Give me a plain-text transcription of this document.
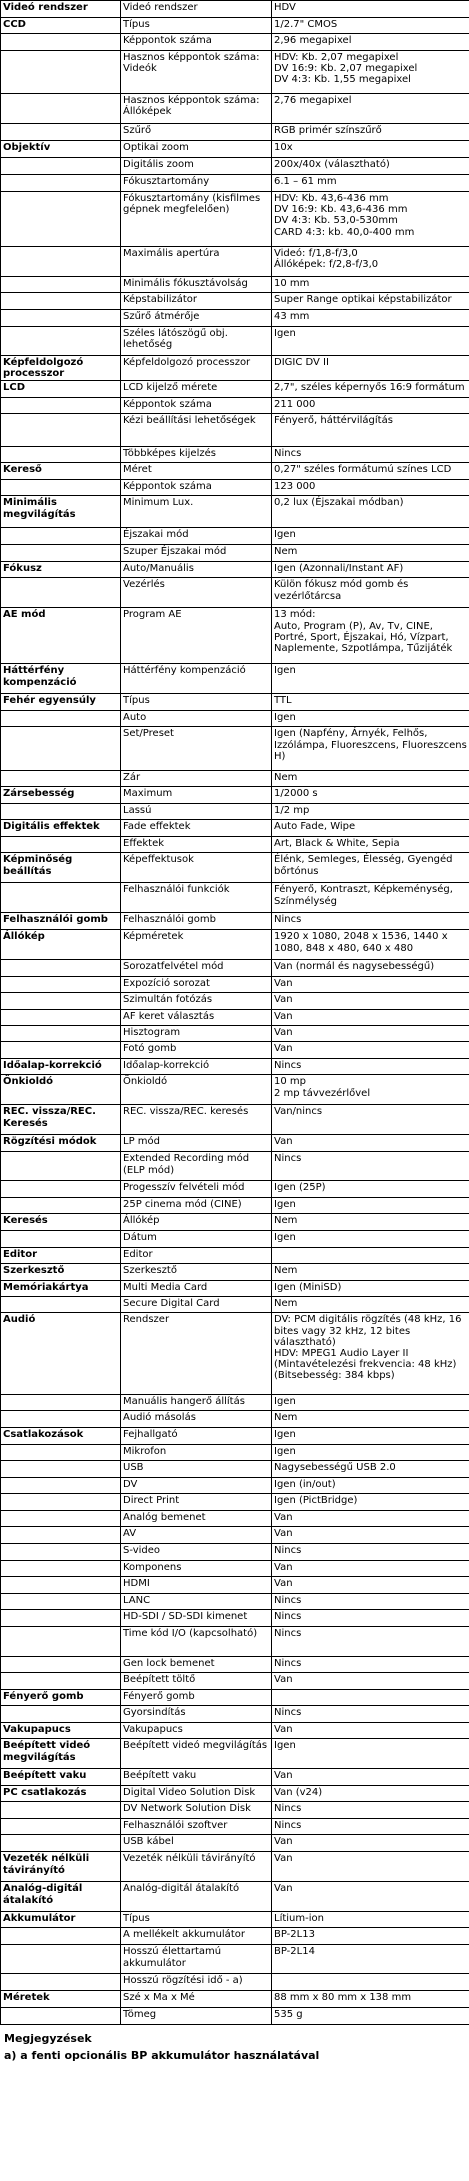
Videó rendszer	Videó rendszer	HDV
CCD	Típus	1/2.7" CMOS
	Képpontok száma	2,96 megapixel
	Hasznos képpontok száma: Videók	HDV: Kb. 2,07 megapixel
DV 16:9: Kb. 2,07 megapixel
DV 4:3: Kb. 1,55 megapixel
	Hasznos képpontok száma: Állóképek	2,76 megapixel
	Szűrő	RGB primér színszűrő
Objektív	Optikai zoom	10x
	Digitális zoom	200x/40x (választható)
	Fókusztartomány	6.1 – 61 mm
	Fókusztartomány (kisfilmes gépnek megfelelően)	HDV: Kb. 43,6-436 mm
DV 16:9: Kb. 43,6-436 mm
DV 4:3: Kb. 53,0-530mm
CARD 4:3: kb. 40,0-400 mm
	Maximális apertúra	Videó: f/1,8-f/3,0
Állóképek: f/2,8-f/3,0
	Minimális fókusztávolság	10 mm
	Képstabilizátor	Super Range optikai képstabilizátor
	Szűrő átmérője	43 mm
	Széles látószögű obj. lehetőség	Igen
Képfeldolgozó processzor	Képfeldolgozó processzor	DIGIC DV II
LCD	LCD kijelző mérete	2,7", széles képernyős 16:9 formátum
	Képpontok száma	211 000
	Kézi beállítási lehetőségek	Fényerő, háttérvilágítás
	Többképes kijelzés	Nincs
Kereső	Méret	0,27" széles formátumú színes LCD
	Képpontok száma	123 000
Minimális megvilágítás	Minimum Lux.	0,2 lux (Éjszakai módban)
	Éjszakai mód	Igen
	Szuper Éjszakai mód	Nem
Fókusz	Auto/Manuális	Igen (Azonnali/Instant AF)
	Vezérlés	Külön fókusz mód gomb és vezérlőtárcsa
AE mód	Program AE	13 mód:
Auto, Program (P), Av, Tv, CINE, Portré, Sport, Éjszakai, Hó, Vízpart, Naplemente, Szpotlámpa, Tűzijáték
Háttérfény kompenzáció	Háttérfény kompenzáció	Igen
Fehér egyensúly	Típus	TTL
	Auto	Igen
	Set/Preset	Igen (Napfény, Árnyék, Felhős, Izzólámpa, Fluoreszcens, Fluoreszcens H)
	Zár	Nem
Zársebesség	Maximum	1/2000 s
	Lassú	1/2 mp
Digitális effektek	Fade effektek	Auto Fade, Wipe
	Effektek	Art, Black & White, Sepia
Képminőség beállítás	Képeffektusok	Élénk, Semleges, Élesség, Gyengéd bőrtónus
	Felhasználói funkciók	Fényerő, Kontraszt, Képkeménység, Színmélység
Felhasználói gomb	Felhasználói gomb	Nincs
Állókép	Képméretek	1920 x 1080, 2048 x 1536, 1440 x 1080, 848 x 480, 640 x 480
	Sorozatfelvétel mód	Van (normál és nagysebességű)
	Expozíció sorozat	Van
	Szimultán fotózás	Van
	AF keret választás	Van
	Hisztogram	Van
	Fotó gomb	Van
Időalap-korrekció	Időalap-korrekció	Nincs
Önkioldó	Önkioldó	10 mp
2 mp távvezérlővel
REC. vissza/REC. Keresés	REC. vissza/REC. keresés	Van/nincs
Rögzítési módok	LP mód	Van
	Extended Recording mód (ELP mód)	Nincs
	Progesszív felvételi mód	Igen (25P)
	25P cinema mód (CINE)	Igen
Keresés	Állókép	Nem
	Dátum	Igen
Editor	Editor	
Szerkesztő	Szerkesztő	Nem
Memóriakártya	Multi Media Card	Igen (MiniSD)
	Secure Digital Card	Nem
Audió	Rendszer	DV: PCM digitális rögzítés (48 kHz, 16 bites vagy 32 kHz, 12 bites választható)
HDV: MPEG1 Audio Layer II (Mintavételezési frekvencia: 48 kHz)(Bitsebesség: 384 kbps)
	Manuális hangerő állítás	Igen
	Audió másolás	Nem
Csatlakozások	Fejhallgató	Igen
	Mikrofon	Igen
	USB	Nagysebességű USB 2.0
	DV	Igen (in/out)
	Direct Print	Igen (PictBridge)
	Analóg bemenet	Van
	AV	Van
	S-video	Nincs
	Komponens	Van
	HDMI	Van
	LANC	Nincs
	HD-SDI / SD-SDI kimenet	Nincs
	Time kód I/O (kapcsolható)	Nincs
	Gen lock bemenet	Nincs
	Beépített töltő	Van
Fényerő gomb	Fényerő gomb	
	Gyorsindítás	Nincs
Vakupapucs	Vakupapucs	Van
Beépített videó megvilágítás	Beépített videó megvilágítás	Igen
Beépített vaku	Beépített vaku	Van
PC csatlakozás	Digital Video Solution Disk	Van (v24)
	DV Network Solution Disk	Nincs
	Felhasználói szoftver	Nincs
	USB kábel	Van
Vezeték nélküli távirányító	Vezeték nélküli távirányító	Van
Analóg-digitál átalakító	Analóg-digitál átalakító	Van
Akkumulátor	Típus	Lítium-ion
	A mellékelt akkumulátor	BP-2L13
	Hosszú élettartamú akkumulátor	BP-2L14
	Hosszú rögzítési idő - a)	
Méretek	Szé x Ma x Mé	88 mm x 80 mm x 138 mm
	Tömeg	535 g
Megjegyzések
a) a fenti opcionális BP akkumulátor használatával
